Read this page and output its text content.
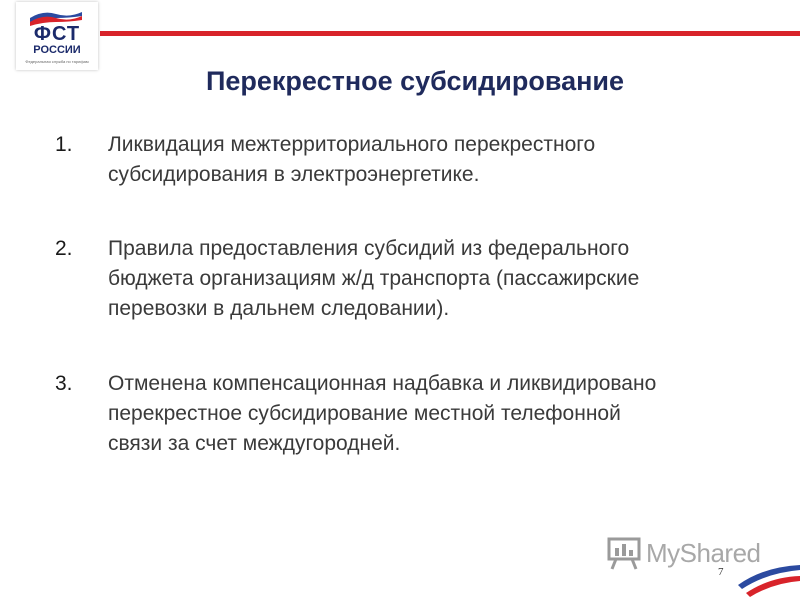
ФСТ
РОССИИ
Федеральная служба по тарифам
Перекрестное субсидирование
1. Ликвидация межтерриториального перекрестного
субсидирования в электроэнергетике.
2. Правила предоставления субсидий из федерального
бюджета организациям ж/д транспорта (пассажирские
перевозки в дальнем следовании).
3. Отменена компенсационная надбавка и ликвидировано
перекрестное субсидирование местной телефонной
связи за счет междугородней.
MyShared
7
